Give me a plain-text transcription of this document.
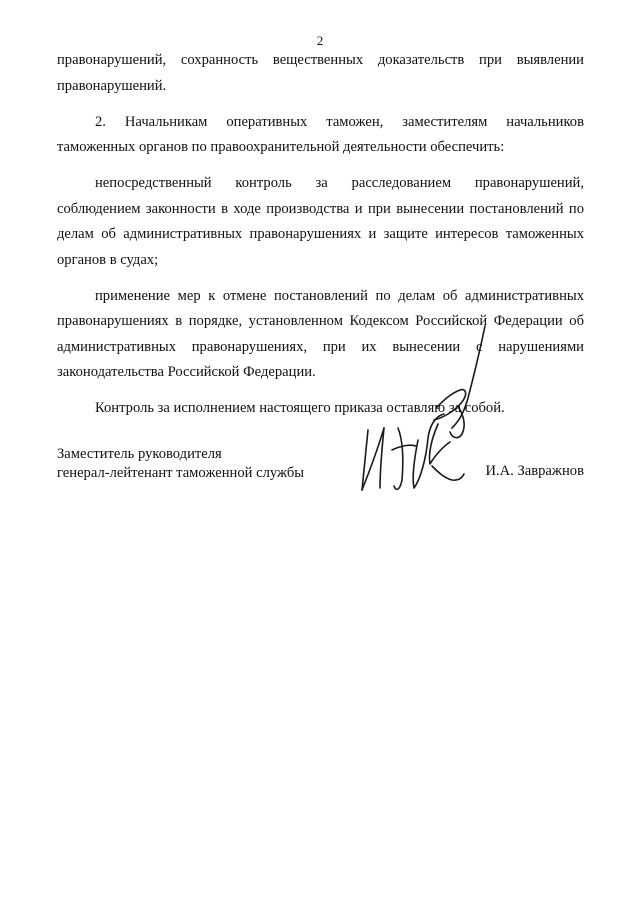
2

правонарушений, сохранность вещественных доказательств при выявлении правонарушений.

2. Начальникам оперативных таможен, заместителям начальников таможенных органов по правоохранительной деятельности обеспечить:

непосредственный контроль за расследованием правонарушений, соблюдением законности в ходе производства и при вынесении постановлений по делам об административных правонарушениях и защите интересов таможенных органов в судах;

применение мер к отмене постановлений по делам об административных правонарушениях в порядке, установленном Кодексом Российской Федерации об административных правонарушениях, при их вынесении с нарушениями законодательства Российской Федерации.

Контроль за исполнением настоящего приказа оставляю за собой.

Заместитель руководителя
генерал-лейтенант таможенной службы	И.А. Завражнов
